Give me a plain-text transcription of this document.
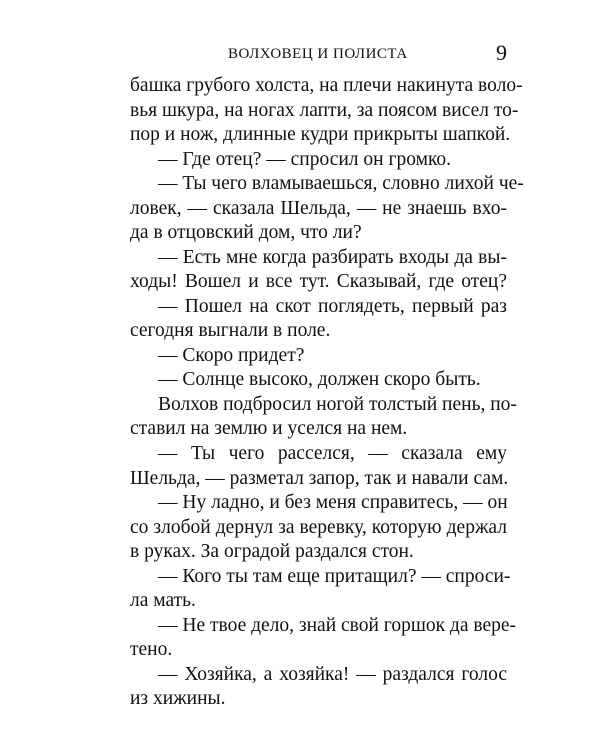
ВОЛХОВЕЦ И ПОЛИСТА	9
башка грубого холста, на плечи накинута воло-
вья шкура, на ногах лапти, за поясом висел то-
пор и нож, длинные кудри прикрыты шапкой.
— Где отец? — спросил он громко.
— Ты чего вламываешься, словно лихой че-
ловек, — сказала Шельда, — не знаешь вхо-
да в отцовский дом, что ли?
— Есть мне когда разбирать входы да вы-
ходы! Вошел и все тут. Сказывай, где отец?
— Пошел на скот поглядеть, первый раз
сегодня выгнали в поле.
— Скоро придет?
— Солнце высоко, должен скоро быть.
Волхов подбросил ногой толстый пень, по-
ставил на землю и уселся на нем.
— Ты чего расселся, — сказала ему
Шельда, — разметал запор, так и навали сам.
— Ну ладно, и без меня справитесь, — он
со злобой дернул за веревку, которую держал
в руках. За оградой раздался стон.
— Кого ты там еще притащил? — спроси-
ла мать.
— Не твое дело, знай свой горшок да вере-
тено.
— Хозяйка, а хозяйка! — раздался голос
из хижины.
